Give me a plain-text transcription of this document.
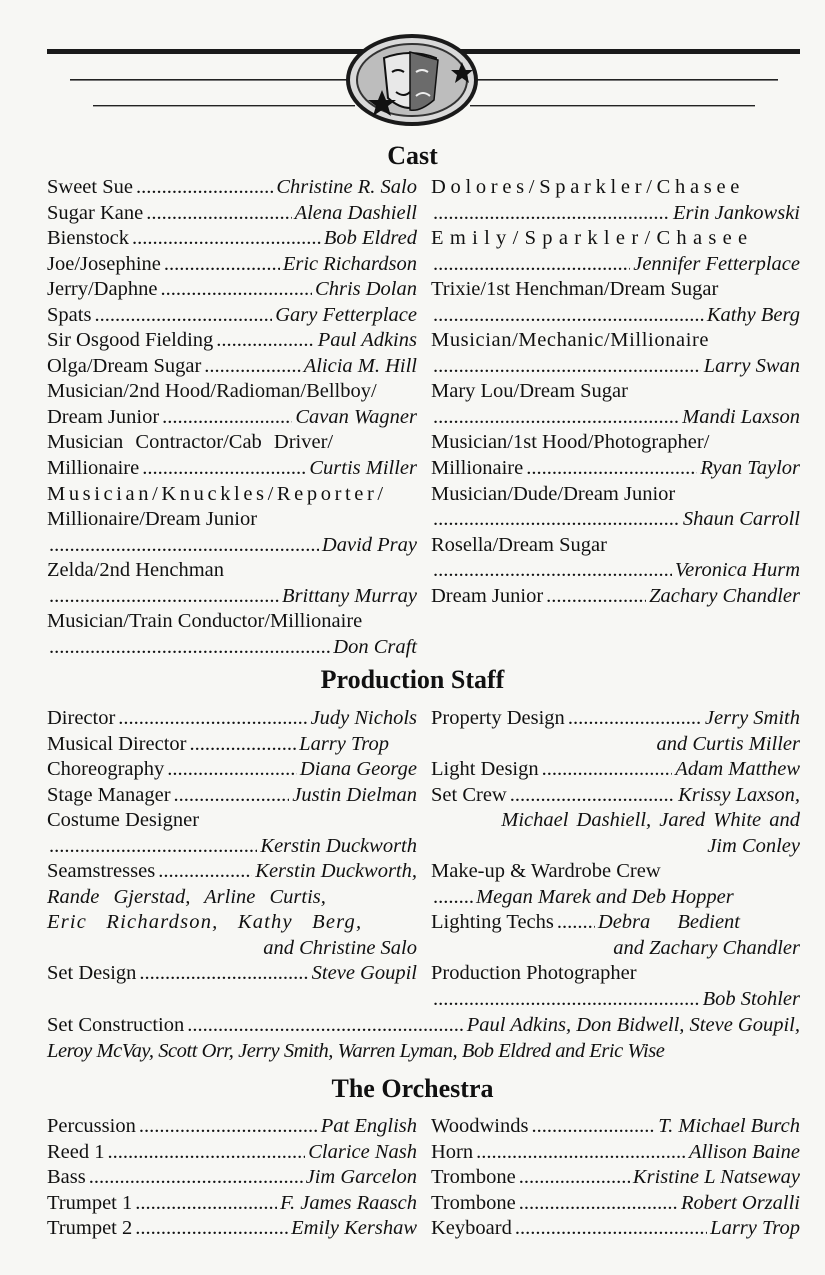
Cast
Sweet Sue .....	Christine R. Salo
Sugar Kane .....	Alena Dashiell
Bienstock .....	Bob Eldred
Joe/Josephine .....	Eric Richardson
Jerry/Daphne .....	Chris Dolan
Spats .....	Gary Fetterplace
Sir Osgood Fielding .....	Paul Adkins
Olga/Dream Sugar .....	Alicia M. Hill
Musician/2nd Hood/Radioman/Bellboy/
Dream Junior .....	Cavan Wagner
Musician Contractor/Cab Driver/
Millionaire .....	Curtis Miller
Musician/Knuckles/Reporter/
Millionaire/Dream Junior
.....
David Pray
Zelda/2nd Henchman
.....
Brittany Murray
Musician/Train Conductor/Millionaire
.....
Don Craft
Dolores/Sparkler/Chasee
.....
Erin Jankowski
Emily/Sparkler/Chasee
.....
Jennifer Fetterplace
Trixie/1st Henchman/Dream Sugar
.....
Kathy Berg
Musician/Mechanic/Millionaire
.....
Larry Swan
Mary Lou/Dream Sugar
.....
Mandi Laxson
Musician/1st Hood/Photographer/
Millionaire .....	Ryan Taylor
Musician/Dude/Dream Junior
.....
Shaun Carroll
Rosella/Dream Sugar
.....
Veronica Hurm
Dream Junior .....	Zachary Chandler
Production Staff
Director .....	Judy Nichols
Musical Director .....	Larry Trop
Choreography .....	Diana George
Stage Manager .....	Justin Dielman
Costume Designer
.....
Kerstin Duckworth
Seamstresses .....	Kerstin Duckworth,
Rande Gjerstad, Arline Curtis,
Eric Richardson, Kathy Berg,
and Christine Salo
Set Design .....	Steve Goupil
Property Design .....	Jerry Smith
and Curtis Miller
Light Design .....	Adam Matthew
Set Crew .....	Krissy Laxson,
Michael Dashiell, Jared White and
Jim Conley
Make-up & Wardrobe Crew
.....
Megan Marek and Deb Hopper
Lighting Techs ..... Debra Bedient
and Zachary Chandler
Production Photographer
.....
Bob Stohler
Set Construction .....	Paul Adkins, Don Bidwell, Steve Goupil,
Leroy McVay, Scott Orr, Jerry Smith, Warren Lyman, Bob Eldred and Eric Wise
The Orchestra
Percussion .....	Pat English
Reed 1 .....	Clarice Nash
Bass .....	Jim Garcelon
Trumpet 1 .....	F. James Raasch
Trumpet 2 .....	Emily Kershaw
Woodwinds .....	T. Michael Burch
Horn .....	Allison Baine
Trombone .....	Kristine L Natseway
Trombone .....	Robert Orzalli
Keyboard .....	Larry Trop
